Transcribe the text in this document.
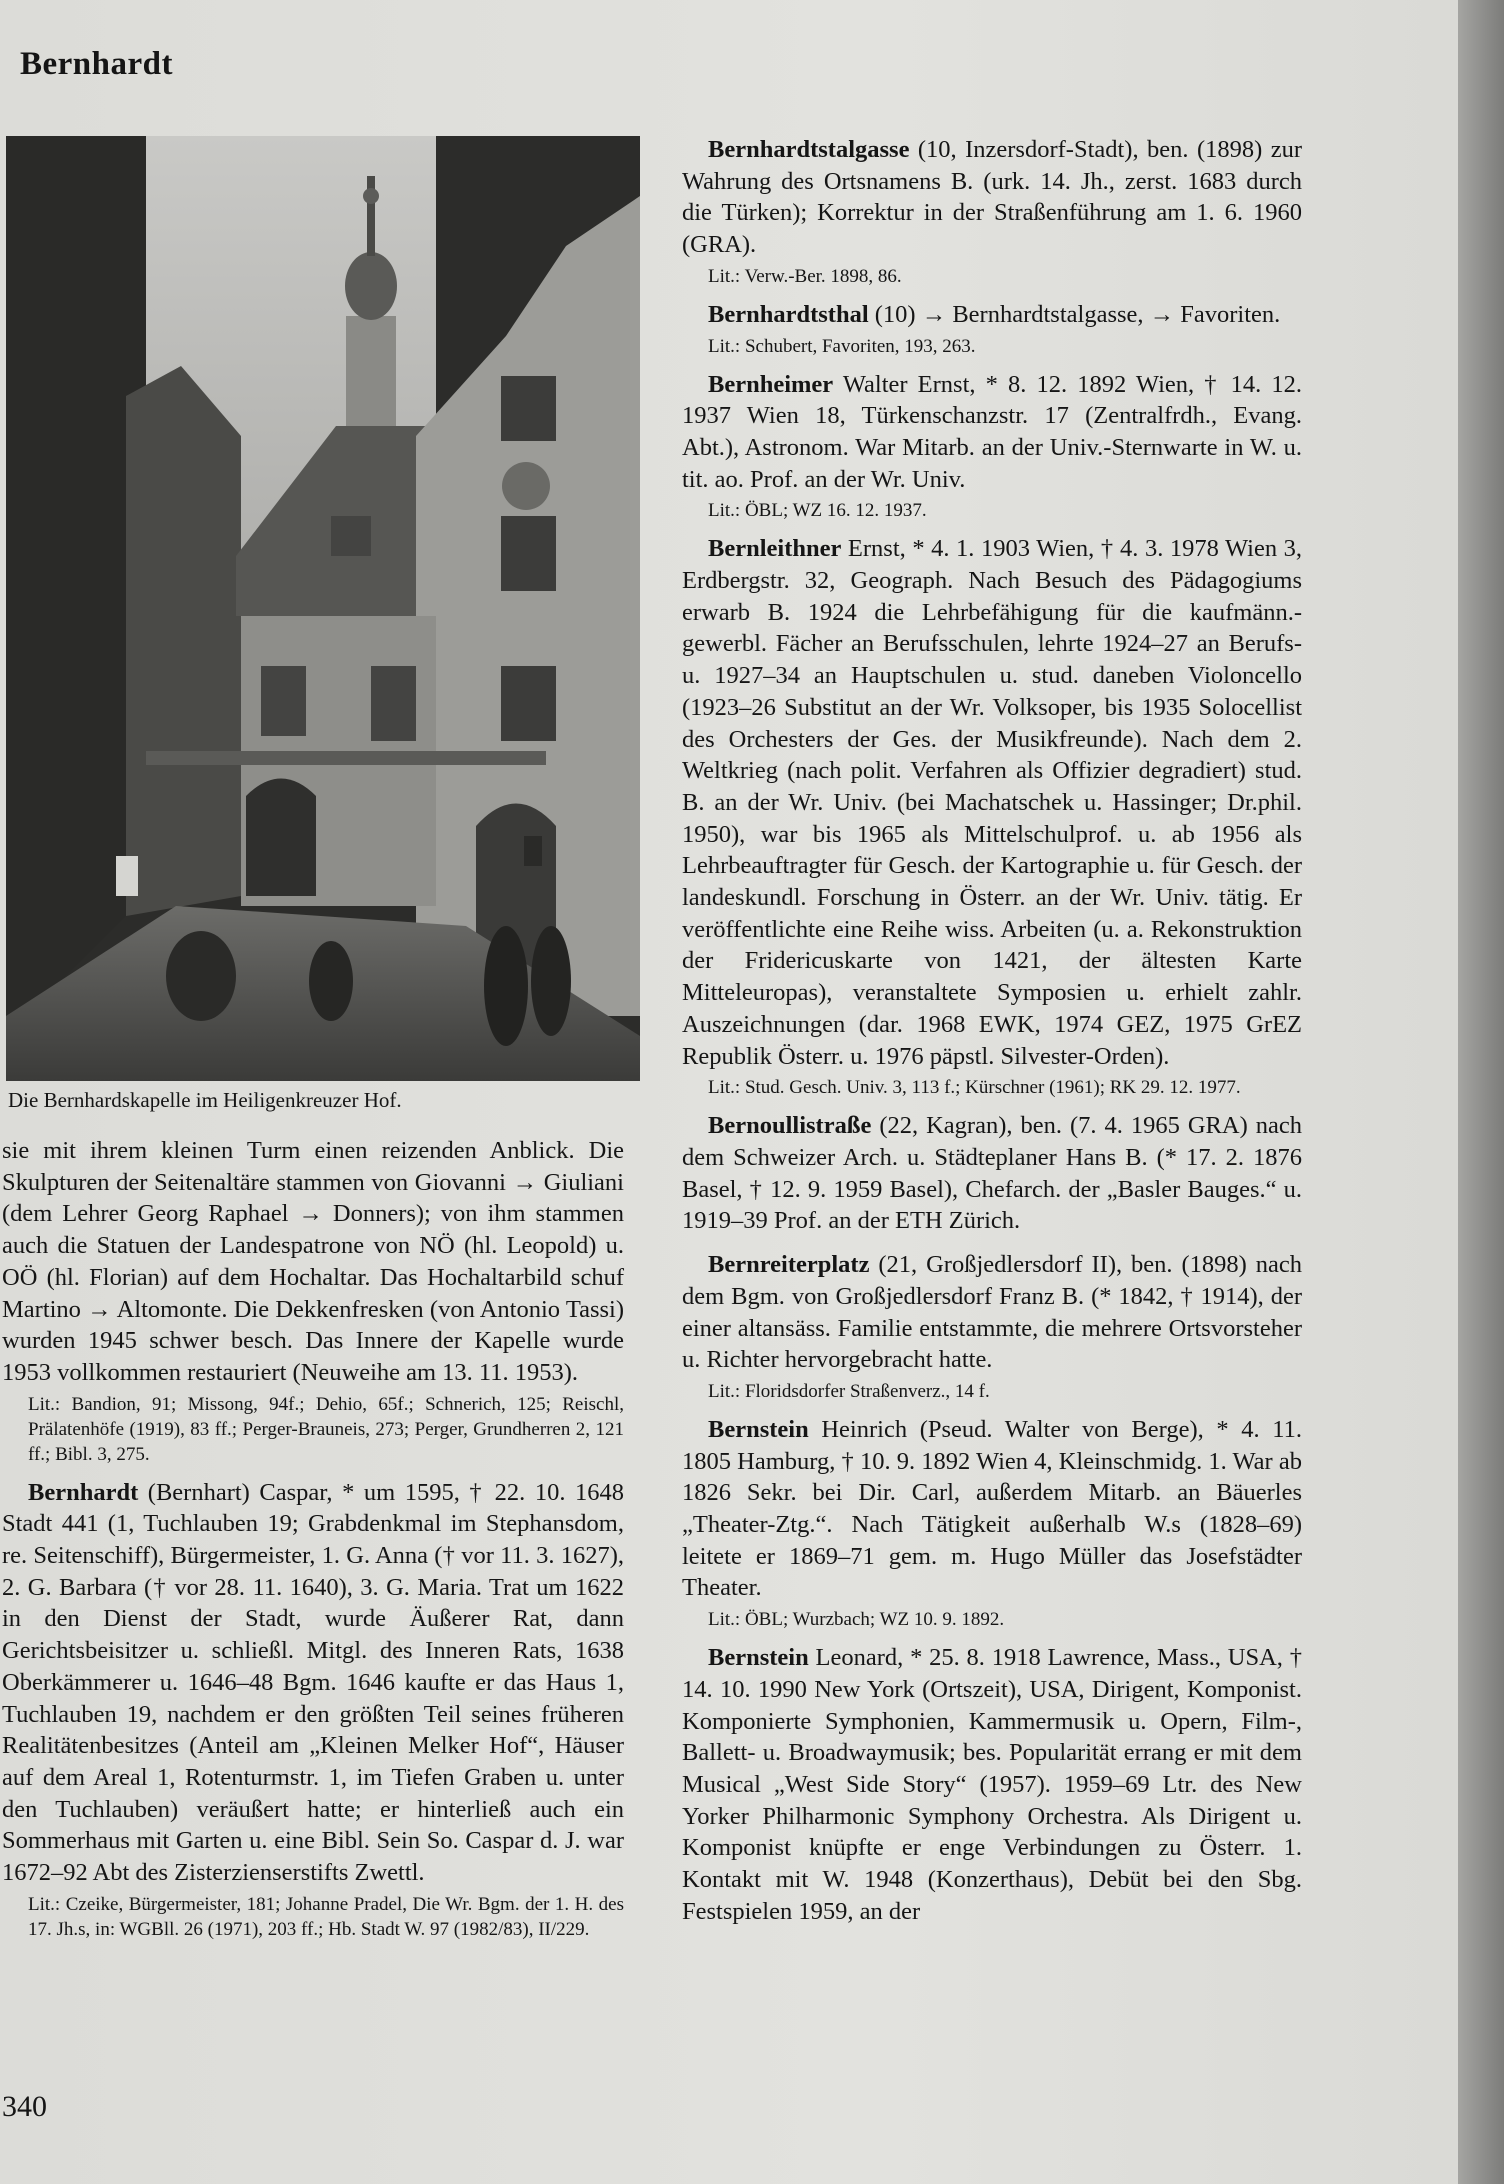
Bernhardt
Die Bernhardskapelle im Heiligenkreuzer Hof.

sie mit ihrem kleinen Turm einen reizenden Anblick. Die Skulpturen der Seitenaltäre stammen von Giovanni → Giuliani (dem Lehrer Georg Raphael → Donners); von ihm stammen auch die Statuen der Landespatrone von NÖ (hl. Leopold) u. OÖ (hl. Florian) auf dem Hochaltar. Das Hochaltarbild schuf Martino → Altomonte. Die Dekkenfresken (von Antonio Tassi) wurden 1945 schwer besch. Das Innere der Kapelle wurde 1953 vollkommen restauriert (Neuweihe am 13. 11. 1953).

Lit.: Bandion, 91; Missong, 94f.; Dehio, 65f.; Schnerich, 125; Reischl, Prälatenhöfe (1919), 83 ff.; Perger-Brauneis, 273; Perger, Grundherren 2, 121 ff.; Bibl. 3, 275.

Bernhardt (Bernhart) Caspar, * um 1595, † 22. 10. 1648 Stadt 441 (1, Tuchlauben 19; Grabdenkmal im Stephansdom, re. Seitenschiff), Bürgermeister, 1. G. Anna († vor 11. 3. 1627), 2. G. Barbara († vor 28. 11. 1640), 3. G. Maria. Trat um 1622 in den Dienst der Stadt, wurde Äußerer Rat, dann Gerichtsbeisitzer u. schließl. Mitgl. des Inneren Rats, 1638 Oberkämmerer u. 1646–48 Bgm. 1646 kaufte er das Haus 1, Tuchlauben 19, nachdem er den größten Teil seines früheren Realitätenbesitzes (Anteil am „Kleinen Melker Hof“, Häuser auf dem Areal 1, Rotenturmstr. 1, im Tiefen Graben u. unter den Tuchlauben) veräußert hatte; er hinterließ auch ein Sommerhaus mit Garten u. eine Bibl. Sein So. Caspar d. J. war 1672–92 Abt des Zisterzienserstifts Zwettl.

Lit.: Czeike, Bürgermeister, 181; Johanne Pradel, Die Wr. Bgm. der 1. H. des 17. Jh.s, in: WGBll. 26 (1971), 203 ff.; Hb. Stadt W. 97 (1982/83), II/229.

Bernhardtstalgasse (10, Inzersdorf-Stadt), ben. (1898) zur Wahrung des Ortsnamens B. (urk. 14. Jh., zerst. 1683 durch die Türken); Korrektur in der Straßenführung am 1. 6. 1960 (GRA).

Lit.: Verw.-Ber. 1898, 86.

Bernhardtsthal (10) → Bernhardtstalgasse, → Favoriten.

Lit.: Schubert, Favoriten, 193, 263.

Bernheimer Walter Ernst, * 8. 12. 1892 Wien, † 14. 12. 1937 Wien 18, Türkenschanzstr. 17 (Zentralfrdh., Evang. Abt.), Astronom. War Mitarb. an der Univ.-Sternwarte in W. u. tit. ao. Prof. an der Wr. Univ.

Lit.: ÖBL; WZ 16. 12. 1937.

Bernleithner Ernst, * 4. 1. 1903 Wien, † 4. 3. 1978 Wien 3, Erdbergstr. 32, Geograph. Nach Besuch des Pädagogiums erwarb B. 1924 die Lehrbefähigung für die kaufmänn.-gewerbl. Fächer an Berufsschulen, lehrte 1924–27 an Berufs- u. 1927–34 an Hauptschulen u. stud. daneben Violoncello (1923–26 Substitut an der Wr. Volksoper, bis 1935 Solocellist des Orchesters der Ges. der Musikfreunde). Nach dem 2. Weltkrieg (nach polit. Verfahren als Offizier degradiert) stud. B. an der Wr. Univ. (bei Machatschek u. Hassinger; Dr.phil. 1950), war bis 1965 als Mittelschulprof. u. ab 1956 als Lehrbeauftragter für Gesch. der Kartographie u. für Gesch. der landeskundl. Forschung in Österr. an der Wr. Univ. tätig. Er veröffentlichte eine Reihe wiss. Arbeiten (u. a. Rekonstruktion der Fridericuskarte von 1421, der ältesten Karte Mitteleuropas), veranstaltete Symposien u. erhielt zahlr. Auszeichnungen (dar. 1968 EWK, 1974 GEZ, 1975 GrEZ Republik Österr. u. 1976 päpstl. Silvester-Orden).

Lit.: Stud. Gesch. Univ. 3, 113 f.; Kürschner (1961); RK 29. 12. 1977.

Bernoullistraße (22, Kagran), ben. (7. 4. 1965 GRA) nach dem Schweizer Arch. u. Städteplaner Hans B. (* 17. 2. 1876 Basel, † 12. 9. 1959 Basel), Chefarch. der „Basler Bauges.“ u. 1919–39 Prof. an der ETH Zürich.

Bernreiterplatz (21, Großjedlersdorf II), ben. (1898) nach dem Bgm. von Großjedlersdorf Franz B. (* 1842, † 1914), der einer altansäss. Familie entstammte, die mehrere Ortsvorsteher u. Richter hervorgebracht hatte.

Lit.: Floridsdorfer Straßenverz., 14 f.

Bernstein Heinrich (Pseud. Walter von Berge), * 4. 11. 1805 Hamburg, † 10. 9. 1892 Wien 4, Kleinschmidg. 1. War ab 1826 Sekr. bei Dir. Carl, außerdem Mitarb. an Bäuerles „Theater-Ztg.“. Nach Tätigkeit außerhalb W.s (1828–69) leitete er 1869–71 gem. m. Hugo Müller das Josefstädter Theater.

Lit.: ÖBL; Wurzbach; WZ 10. 9. 1892.

Bernstein Leonard, * 25. 8. 1918 Lawrence, Mass., USA, † 14. 10. 1990 New York (Ortszeit), USA, Dirigent, Komponist. Komponierte Symphonien, Kammermusik u. Opern, Film-, Ballett- u. Broadwaymusik; bes. Popularität errang er mit dem Musical „West Side Story“ (1957). 1959–69 Ltr. des New Yorker Philharmonic Symphony Orchestra. Als Dirigent u. Komponist knüpfte er enge Verbindungen zu Österr. 1. Kontakt mit W. 1948 (Konzerthaus), Debüt bei den Sbg. Festspielen 1959, an der

340
